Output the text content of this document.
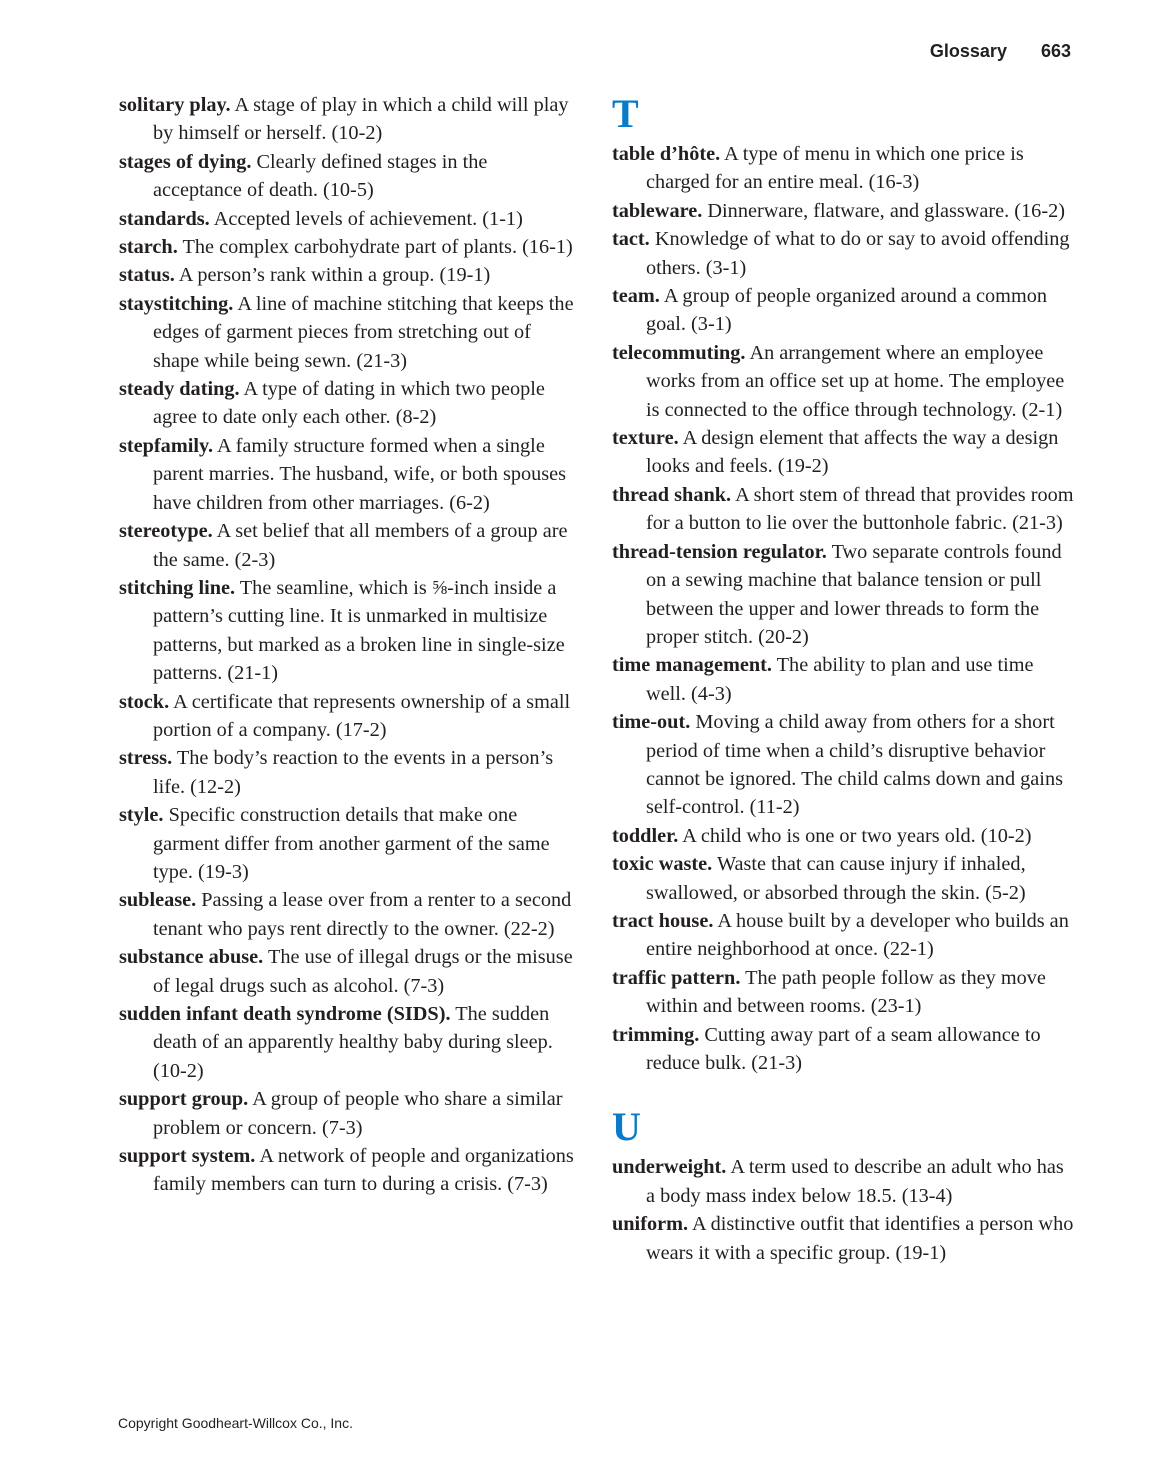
Glossary 663

solitary play. A stage of play in which a child will play by himself or herself. (10-2)

stages of dying. Clearly defined stages in the acceptance of death. (10-5)

standards. Accepted levels of achievement. (1-1)

starch. The complex carbohydrate part of plants. (16-1)

status. A person’s rank within a group. (19-1)

staystitching. A line of machine stitching that keeps the edges of garment pieces from stretching out of shape while being sewn. (21-3)

steady dating. A type of dating in which two people agree to date only each other. (8-2)

stepfamily. A family structure formed when a single parent marries. The husband, wife, or both spouses have children from other marriages. (6-2)

stereotype. A set belief that all members of a group are the same. (2-3)

stitching line. The seamline, which is ⅝-inch inside a pattern’s cutting line. It is unmarked in multisize patterns, but marked as a broken line in single-size patterns. (21-1)

stock. A certificate that represents ownership of a small portion of a company. (17-2)

stress. The body’s reaction to the events in a person’s life. (12-2)

style. Specific construction details that make one garment differ from another garment of the same type. (19-3)

sublease. Passing a lease over from a renter to a second tenant who pays rent directly to the owner. (22-2)

substance abuse. The use of illegal drugs or the misuse of legal drugs such as alcohol. (7-3)

sudden infant death syndrome (SIDS). The sudden death of an apparently healthy baby during sleep. (10-2)

support group. A group of people who share a similar problem or concern. (7-3)

support system. A network of people and organizations family members can turn to during a crisis. (7-3)

T

table d’hôte. A type of menu in which one price is charged for an entire meal. (16-3)

tableware. Dinnerware, flatware, and glassware. (16-2)

tact. Knowledge of what to do or say to avoid offending others. (3-1)

team. A group of people organized around a common goal. (3-1)

telecommuting. An arrangement where an employee works from an office set up at home. The employee is connected to the office through technology. (2-1)

texture. A design element that affects the way a design looks and feels. (19-2)

thread shank. A short stem of thread that provides room for a button to lie over the buttonhole fabric. (21-3)

thread-tension regulator. Two separate controls found on a sewing machine that balance tension or pull between the upper and lower threads to form the proper stitch. (20-2)

time management. The ability to plan and use time well. (4-3)

time-out. Moving a child away from others for a short period of time when a child’s disruptive behavior cannot be ignored. The child calms down and gains self-control. (11-2)

toddler. A child who is one or two years old. (10-2)

toxic waste. Waste that can cause injury if inhaled, swallowed, or absorbed through the skin. (5-2)

tract house. A house built by a developer who builds an entire neighborhood at once. (22-1)

traffic pattern. The path people follow as they move within and between rooms. (23-1)

trimming. Cutting away part of a seam allowance to reduce bulk. (21-3)

U

underweight. A term used to describe an adult who has a body mass index below 18.5. (13-4)

uniform. A distinctive outfit that identifies a person who wears it with a specific group. (19-1)

Copyright Goodheart-Willcox Co., Inc.
